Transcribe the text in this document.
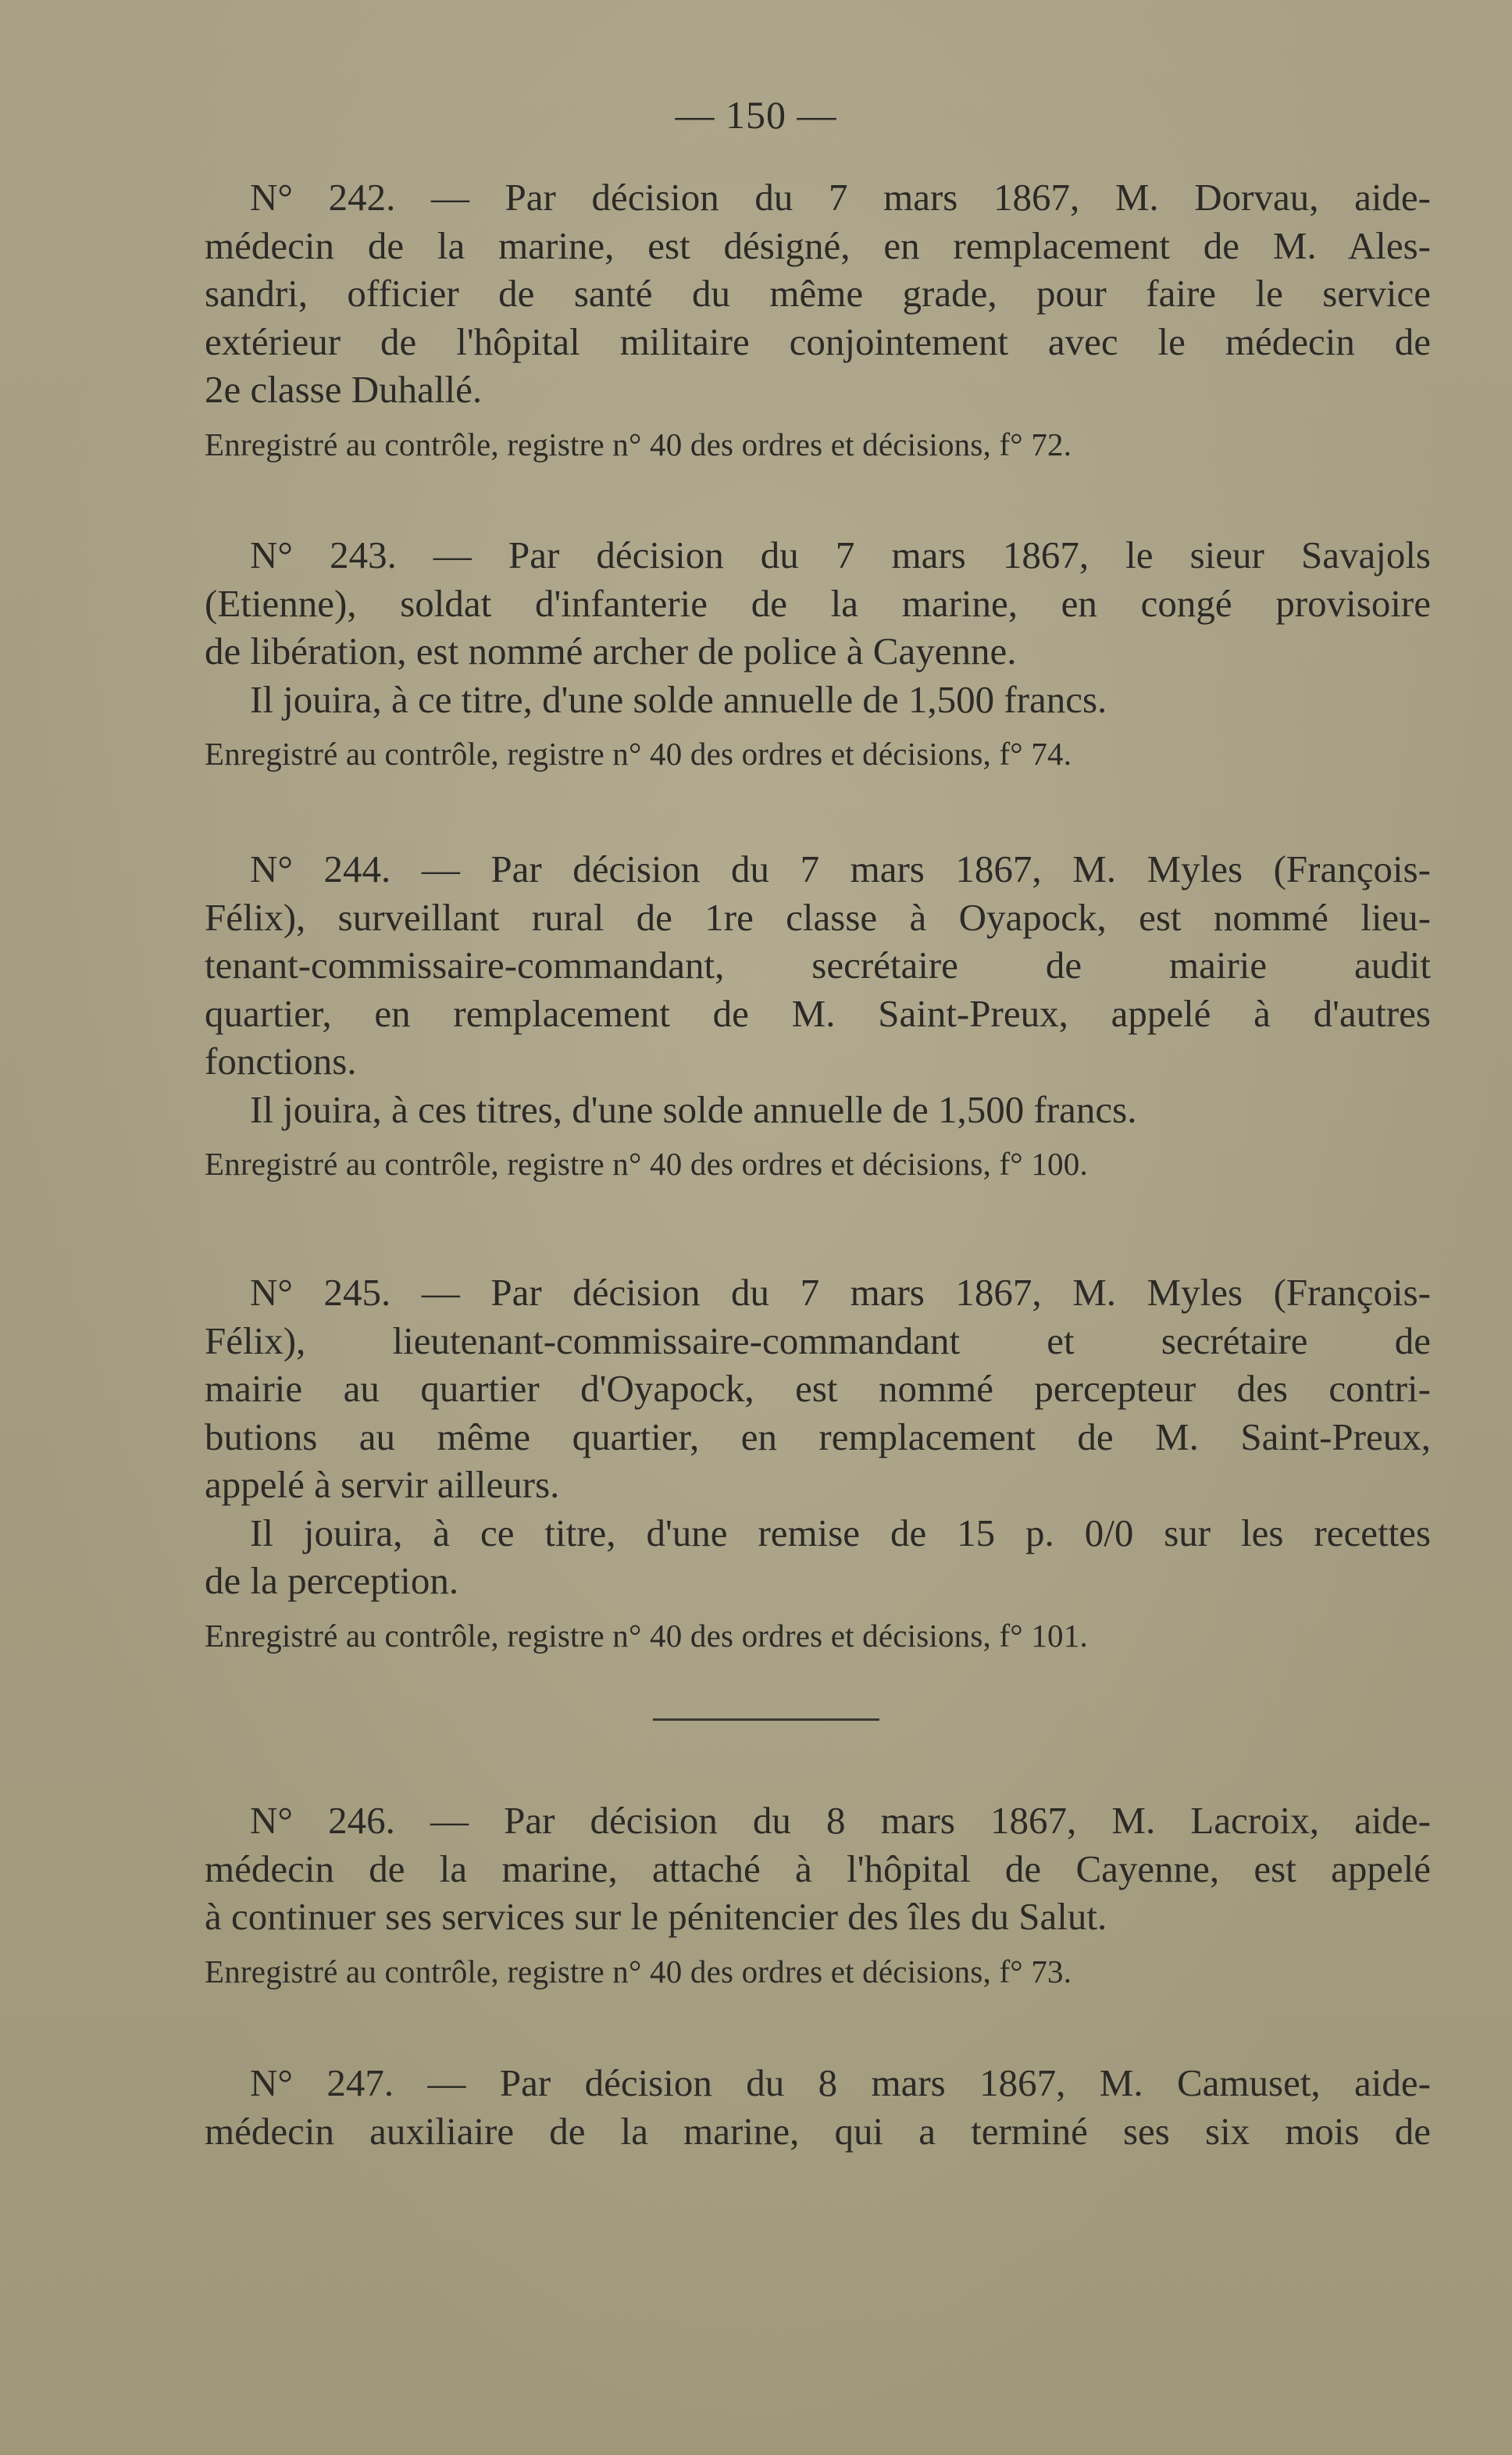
— 150 —

N° 242. — Par décision du 7 mars 1867, M. Dorvau, aide-
médecin de la marine, est désigné, en remplacement de M. Ales-
sandri, officier de santé du même grade, pour faire le service
extérieur de l'hôpital militaire conjointement avec le médecin de
2e classe Duhallé.

Enregistré au contrôle, registre n° 40 des ordres et décisions, f° 72.

N° 243. — Par décision du 7 mars 1867, le sieur Savajols
(Etienne), soldat d'infanterie de la marine, en congé provisoire
de libération, est nommé archer de police à Cayenne.
Il jouira, à ce titre, d'une solde annuelle de 1,500 francs.

Enregistré au contrôle, registre n° 40 des ordres et décisions, f° 74.

N° 244. — Par décision du 7 mars 1867, M. Myles (François-
Félix), surveillant rural de 1re classe à Oyapock, est nommé lieu-
tenant-commissaire-commandant, secrétaire de mairie audit
quartier, en remplacement de M. Saint-Preux, appelé à d'autres
fonctions.
Il jouira, à ces titres, d'une solde annuelle de 1,500 francs.

Enregistré au contrôle, registre n° 40 des ordres et décisions, f° 100.

N° 245. — Par décision du 7 mars 1867, M. Myles (François-
Félix), lieutenant-commissaire-commandant et secrétaire de
mairie au quartier d'Oyapock, est nommé percepteur des contri-
butions au même quartier, en remplacement de M. Saint-Preux,
appelé à servir ailleurs.
Il jouira, à ce titre, d'une remise de 15 p. 0/0 sur les recettes
de la perception.

Enregistré au contrôle, registre n° 40 des ordres et décisions, f° 101.

N° 246. — Par décision du 8 mars 1867, M. Lacroix, aide-
médecin de la marine, attaché à l'hôpital de Cayenne, est appelé
à continuer ses services sur le pénitencier des îles du Salut.

Enregistré au contrôle, registre n° 40 des ordres et décisions, f° 73.

N° 247. — Par décision du 8 mars 1867, M. Camuset, aide-
médecin auxiliaire de la marine, qui a terminé ses six mois de
